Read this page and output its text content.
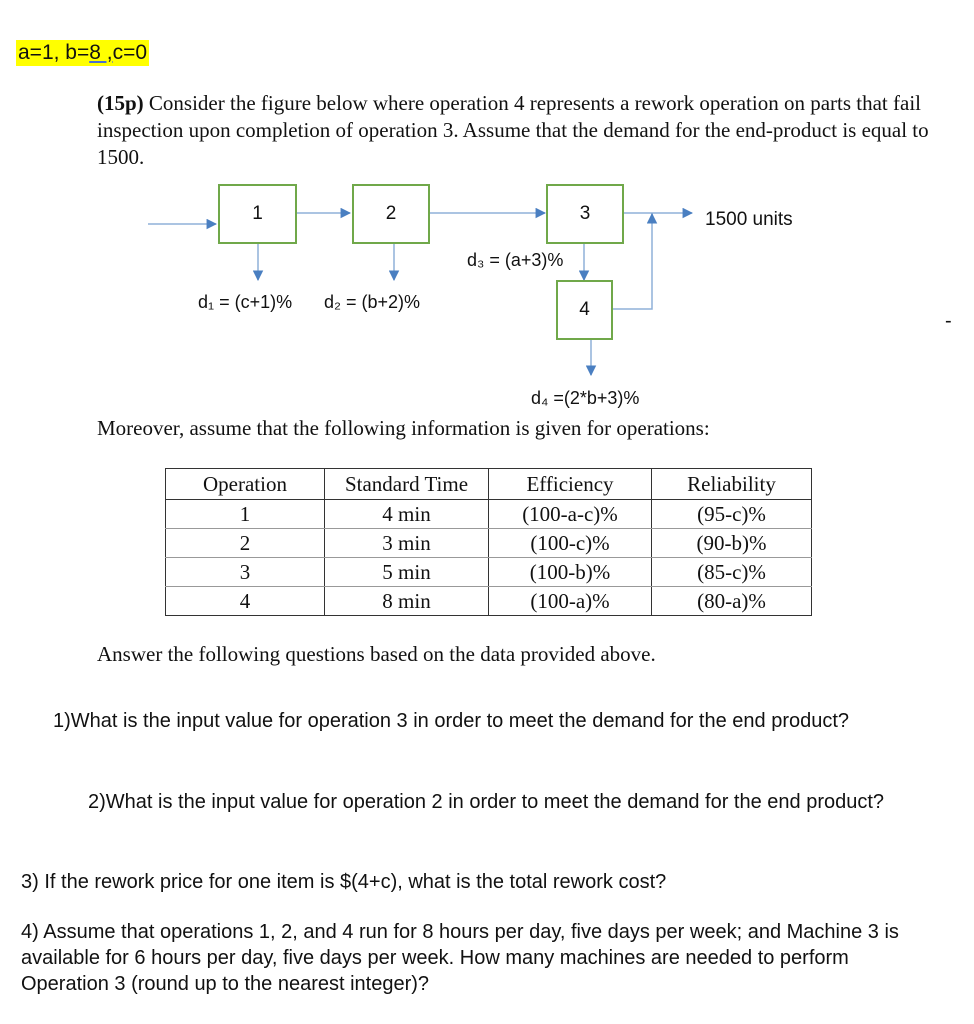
a=1, b=8 ,c=0
(15p) Consider the figure below where operation 4 represents a rework operation on parts that fail inspection upon completion of operation 3. Assume that the demand for the end-product is equal to 1500.
1	2	3
4
1500 units
d₁ = (c+1)% d₂ = (b+2)%
d₃ = (a+3)%
d₄ =(2*b+3)%
-
Moreover, assume that the following information is given for operations:
Operation	Standard Time	Efficiency	Reliability
1	4 min	(100-a-c)%	(95-c)%
2	3 min	(100-c)%	(90-b)%
3	5 min	(100-b)%	(85-c)%
4	8 min	(100-a)%	(80-a)%
Answer the following questions based on the data provided above.
1)What is the input value for operation 3 in order to meet the demand for the end product?
2)What is the input value for operation 2 in order to meet the demand for the end product?
3) If the rework price for one item is $(4+c), what is the total rework cost?
4) Assume that operations 1, 2, and 4 run for 8 hours per day, five days per week; and Machine 3 is available for 6 hours per day, five days per week. How many machines are needed to perform Operation 3 (round up to the nearest integer)?
